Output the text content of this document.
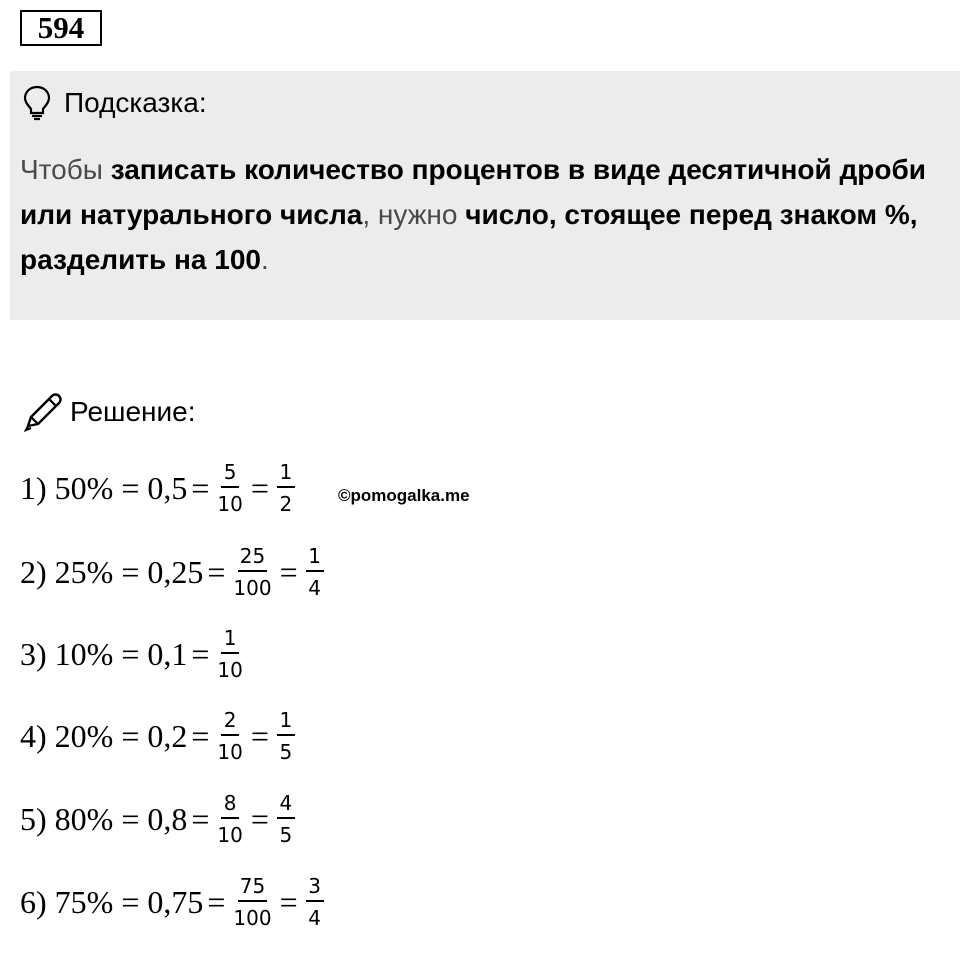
594
Подсказка:
Чтобы записать количество процентов в виде десятичной дроби или натурального числа, нужно число, стоящее перед знаком %, разделить на 100.
Решение:
1) $50\% = 0,5 = \frac{5}{10} = \frac{1}{2}$	©pomogalka.me
2) $25\% = 0,25 = \frac{25}{100} = \frac{1}{4}$
3) $10\% = 0,1 = \frac{1}{10}$
4) $20\% = 0,2 = \frac{2}{10} = \frac{1}{5}$
5) $80\% = 0,8 = \frac{8}{10} = \frac{4}{5}$
6) $75\% = 0,75 = \frac{75}{100} = \frac{3}{4}$
